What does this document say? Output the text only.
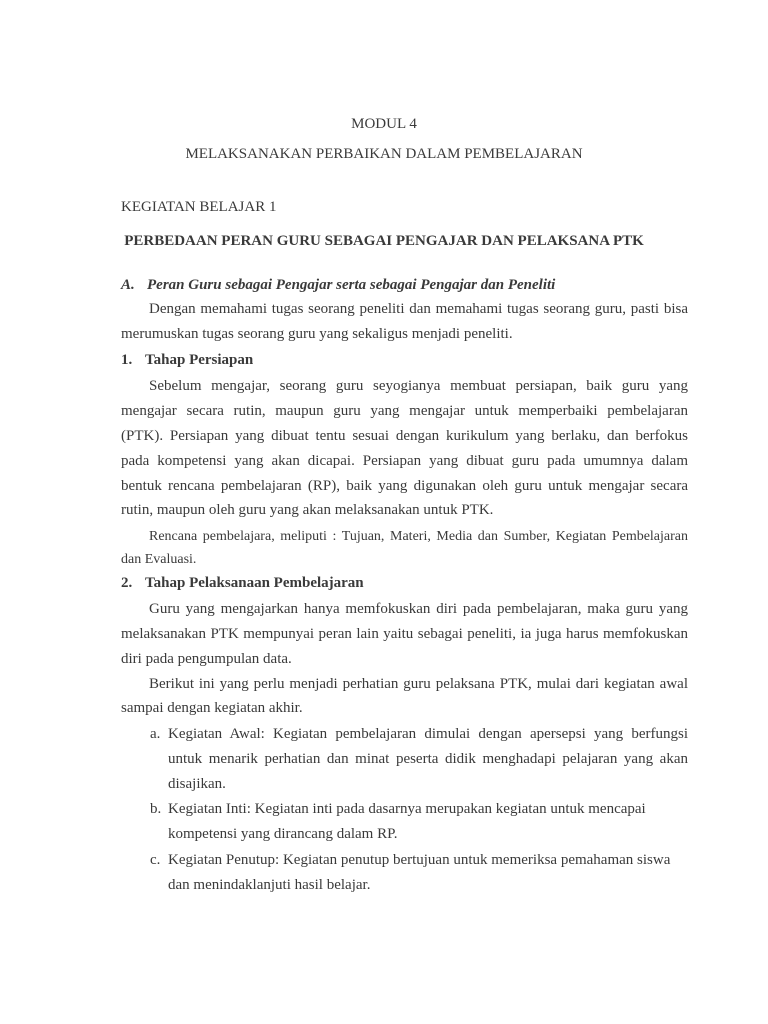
MODUL 4
MELAKSANAKAN PERBAIKAN DALAM PEMBELAJARAN
KEGIATAN BELAJAR 1
PERBEDAAN PERAN GURU SEBAGAI PENGAJAR DAN PELAKSANA PTK
A. Peran Guru sebagai Pengajar serta sebagai Pengajar dan Peneliti
Dengan memahami tugas seorang peneliti dan memahami tugas seorang guru, pasti bisa
merumuskan tugas seorang guru yang sekaligus menjadi peneliti.
1. Tahap Persiapan
Sebelum mengajar, seorang guru seyogianya membuat persiapan, baik guru yang
mengajar secara rutin, maupun guru yang mengajar untuk memperbaiki pembelajaran
(PTK). Persiapan yang dibuat tentu sesuai dengan kurikulum yang berlaku, dan berfokus
pada kompetensi yang akan dicapai. Persiapan yang dibuat guru pada umumnya dalam
bentuk rencana pembelajaran (RP), baik yang digunakan oleh guru untuk mengajar secara
rutin, maupun oleh guru yang akan melaksanakan untuk PTK.
Rencana pembelajara, meliputi : Tujuan, Materi, Media dan Sumber, Kegiatan Pembelajaran
dan Evaluasi.
2. Tahap Pelaksanaan Pembelajaran
Guru yang mengajarkan hanya memfokuskan diri pada pembelajaran, maka guru yang
melaksanakan PTK mempunyai peran lain yaitu sebagai peneliti, ia juga harus memfokuskan
diri pada pengumpulan data.
Berikut ini yang perlu menjadi perhatian guru pelaksana PTK, mulai dari kegiatan awal
sampai dengan kegiatan akhir.
a. Kegiatan Awal: Kegiatan pembelajaran dimulai dengan apersepsi yang berfungsi
untuk menarik perhatian dan minat peserta didik menghadapi pelajaran yang akan
disajikan.
b. Kegiatan Inti: Kegiatan inti pada dasarnya merupakan kegiatan untuk mencapai
kompetensi yang dirancang dalam RP.
c. Kegiatan Penutup: Kegiatan penutup bertujuan untuk memeriksa pemahaman siswa
dan menindaklanjuti hasil belajar.
